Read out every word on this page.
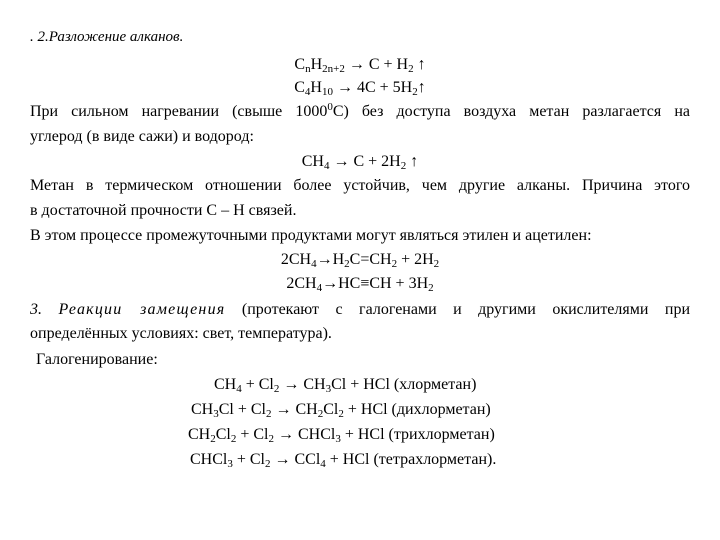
. 2.Разложение алканов.
$C_nH_{2n+2} \to C + H_2$ ↑
$C_4H_{10} \to 4C$ + $5H_2↑$
При сильном нагревании (свыше 1000$^0$С) без доступа воздуха метан разлагается на
углерод (в виде сажи) и водород:
$CH_4 \to C + 2H_2$ ↑
Метан в термическом отношении более устойчив, чем другие алканы. Причина этого
в достаточной прочности С – Н связей.
В этом процессе промежуточными продуктами могут являться этилен и ацетилен:
$2CH_4\to H_2C=CH_2 + 2H_2$
$2CH_4\to HC\equiv CH + 3H_2$
3. Реакции замещения (протекают с галогенами и другими окислителями при
определённых условиях: свет, температура).
Галогенирование:
$CH_4 + Cl_2 \to CH_3Cl$ + HCl (хлорметан)
$CH_3Cl + Cl_2 \to CH_2Cl_2$ + HCl (дихлорметан)
$CH_2Cl_2 + Cl_2$ → CHCl$_3$ + HCl (трихлорметан)
CHCl$_3$ + $Cl_2 \to CCl_4$ + HCl (тетрахлорметан).
